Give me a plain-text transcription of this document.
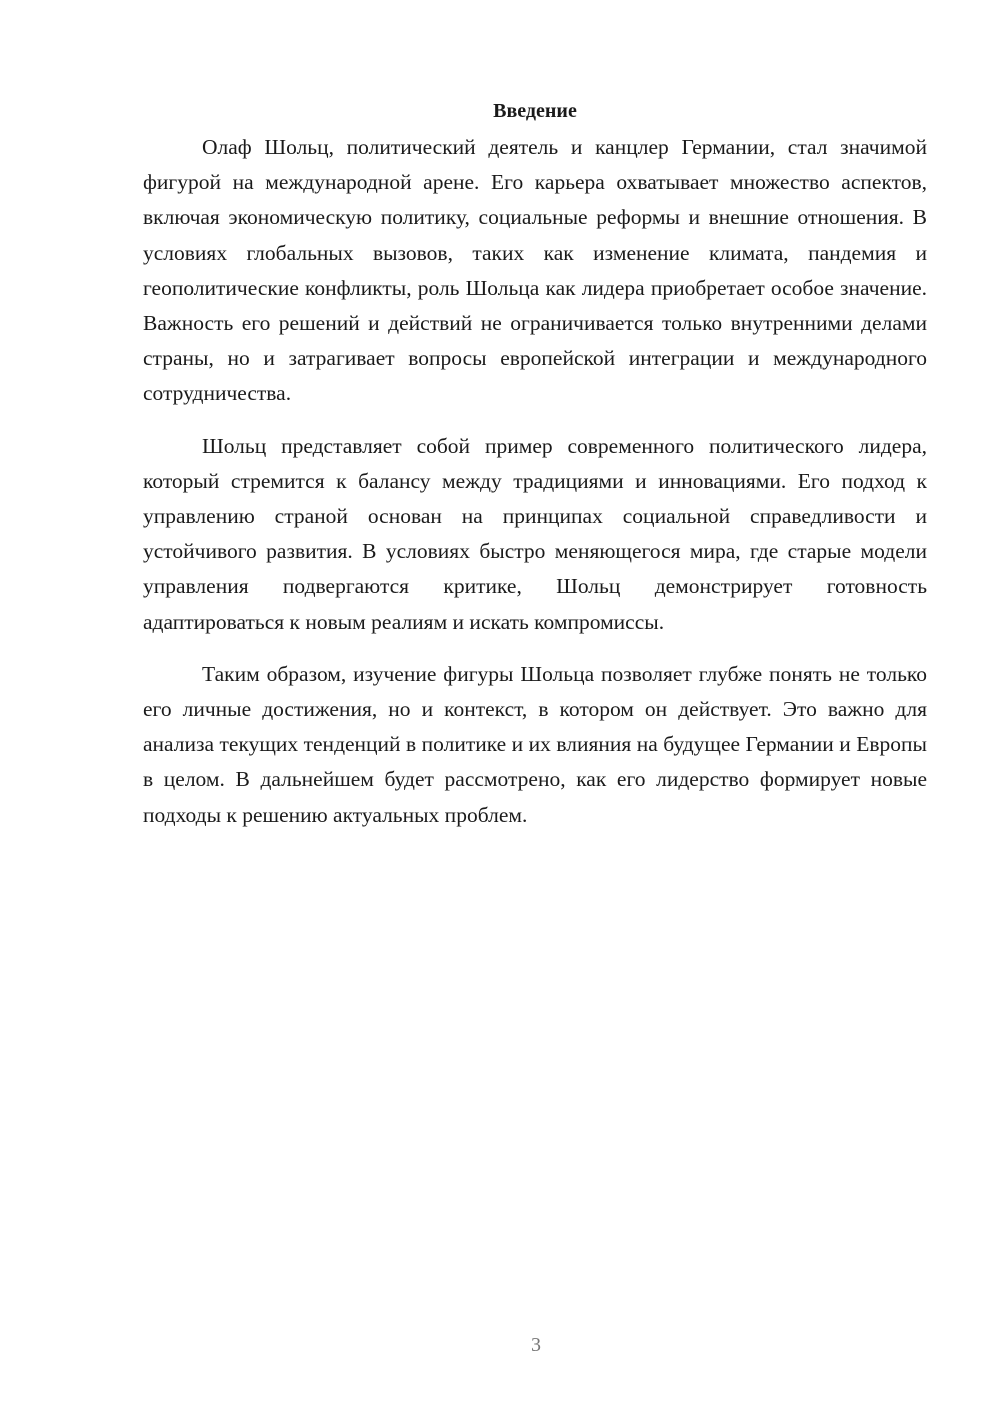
Введение

Олаф Шольц, политический деятель и канцлер Германии, стал значимой фигурой на международной арене. Его карьера охватывает множество аспектов, включая экономическую политику, социальные реформы и внешние отношения. В условиях глобальных вызовов, таких как изменение климата, пандемия и геополитические конфликты, роль Шольца как лидера приобретает особое значение. Важность его решений и действий не ограничивается только внутренними делами страны, но и затрагивает вопросы европейской интеграции и международного сотрудничества.

Шольц представляет собой пример современного политического лидера, который стремится к балансу между традициями и инновациями. Его подход к управлению страной основан на принципах социальной справедливости и устойчивого развития. В условиях быстро меняющегося мира, где старые модели управления подвергаются критике, Шольц демонстрирует готовность адаптироваться к новым реалиям и искать компромиссы.

Таким образом, изучение фигуры Шольца позволяет глубже понять не только его личные достижения, но и контекст, в котором он действует. Это важно для анализа текущих тенденций в политике и их влияния на будущее Германии и Европы в целом. В дальнейшем будет рассмотрено, как его лидерство формирует новые подходы к решению актуальных проблем.

3
